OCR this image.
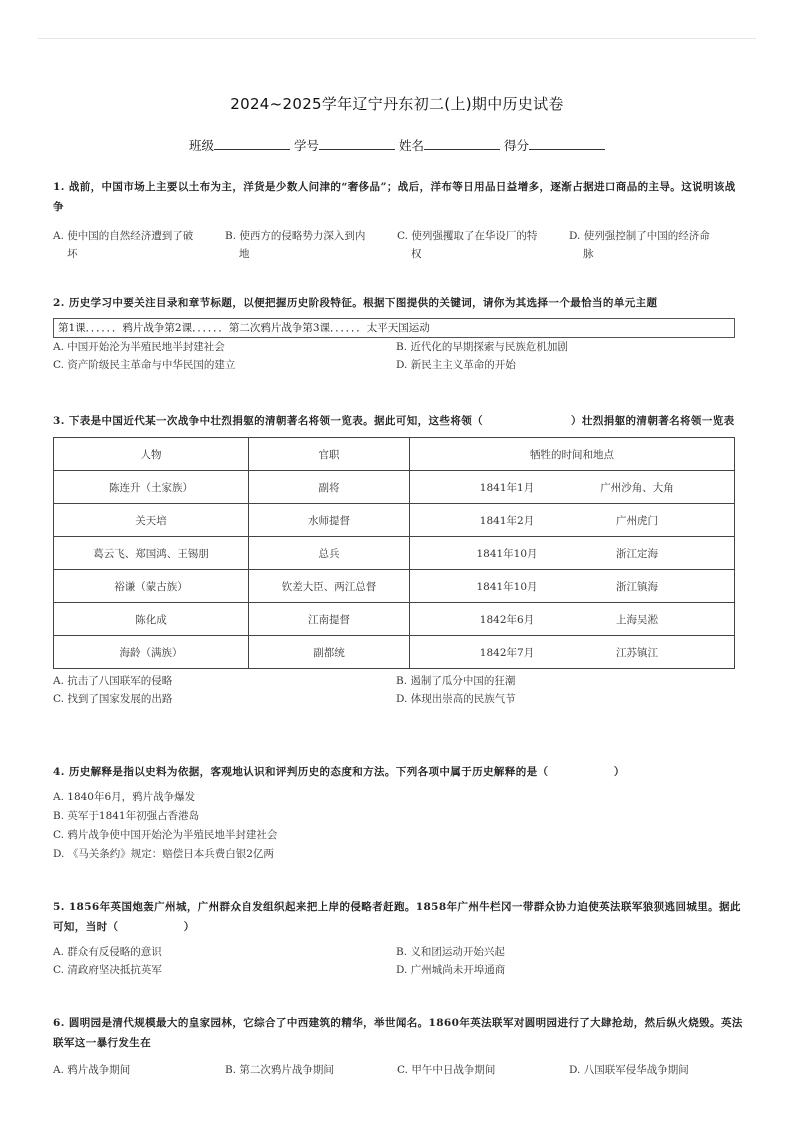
2024~2025学年辽宁丹东初二(上)期中历史试卷
班级	学号	姓名	得分
1. 战前，中国市场上主要以土布为主，洋货是少数人问津的“奢侈品”；战后，洋布等日用品日益增多，逐渐占据进口商品的主导。这说明该战争
A. 使中国的自然经济遭到了破
坏
B. 使西方的侵略势力深入到内
地
C. 使列强攫取了在华设厂的特
权
D. 使列强控制了中国的经济命
脉
2. 历史学习中要关注目录和章节标题，以便把握历史阶段特征。根据下图提供的关键词，请你为其选择一个最恰当的单元主题
第1课．．．．．．鸦片战争第2课．．．．．．第二次鸦片战争第3课．．．．．．太平天国运动
A. 中国开始沦为半殖民地半封建社会	B. 近代化的早期探索与民族危机加剧
C. 资产阶级民主革命与中华民国的建立	D. 新民主主义革命的开始
3. 下表是中国近代某一次战争中壮烈捐躯的清朝著名将领一览表。据此可知，这些将领（	）壮烈捐躯的清朝著名将领一览表
人物	官职	牺牲的时间和地点
陈连升（土家族）	副将	1841年1月 广州沙角、大角
关天培	水师提督	1841年2月 广州虎门
葛云飞、郑国鸿、王锡朋	总兵	1841年10月 浙江定海
裕谦（蒙古族）	钦差大臣、两江总督	1841年10月 浙江镇海
陈化成	江南提督	1842年6月 上海吴淞
海龄（满族）	副都统	1842年7月 江苏镇江
A. 抗击了八国联军的侵略	B. 遏制了瓜分中国的狂潮
C. 找到了国家发展的出路	D. 体现出崇高的民族气节
4. 历史解释是指以史料为依据，客观地认识和评判历史的态度和方法。下列各项中属于历史解释的是（　　　　　　）
A. 1840年6月，鸦片战争爆发
B. 英军于1841年初强占香港岛
C. 鸦片战争使中国开始沦为半殖民地半封建社会
D. 《马关条约》规定：赔偿日本兵费白银2亿两
5. 1856年英国炮轰广州城，广州群众自发组织起来把上岸的侵略者赶跑。1858年广州牛栏冈一带群众协力迫使英法联军狼狈逃回城里。据此可知，当时（　　　　　　）
A. 群众有反侵略的意识	B. 义和团运动开始兴起
C. 清政府坚决抵抗英军	D. 广州城尚未开埠通商
6. 圆明园是清代规模最大的皇家园林，它综合了中西建筑的精华，举世闻名。1860年英法联军对圆明园进行了大肆抢劫，然后纵火烧毁。英法联军这一暴行发生在
A. 鸦片战争期间	B. 第二次鸦片战争期间	C. 甲午中日战争期间	D. 八国联军侵华战争期间
